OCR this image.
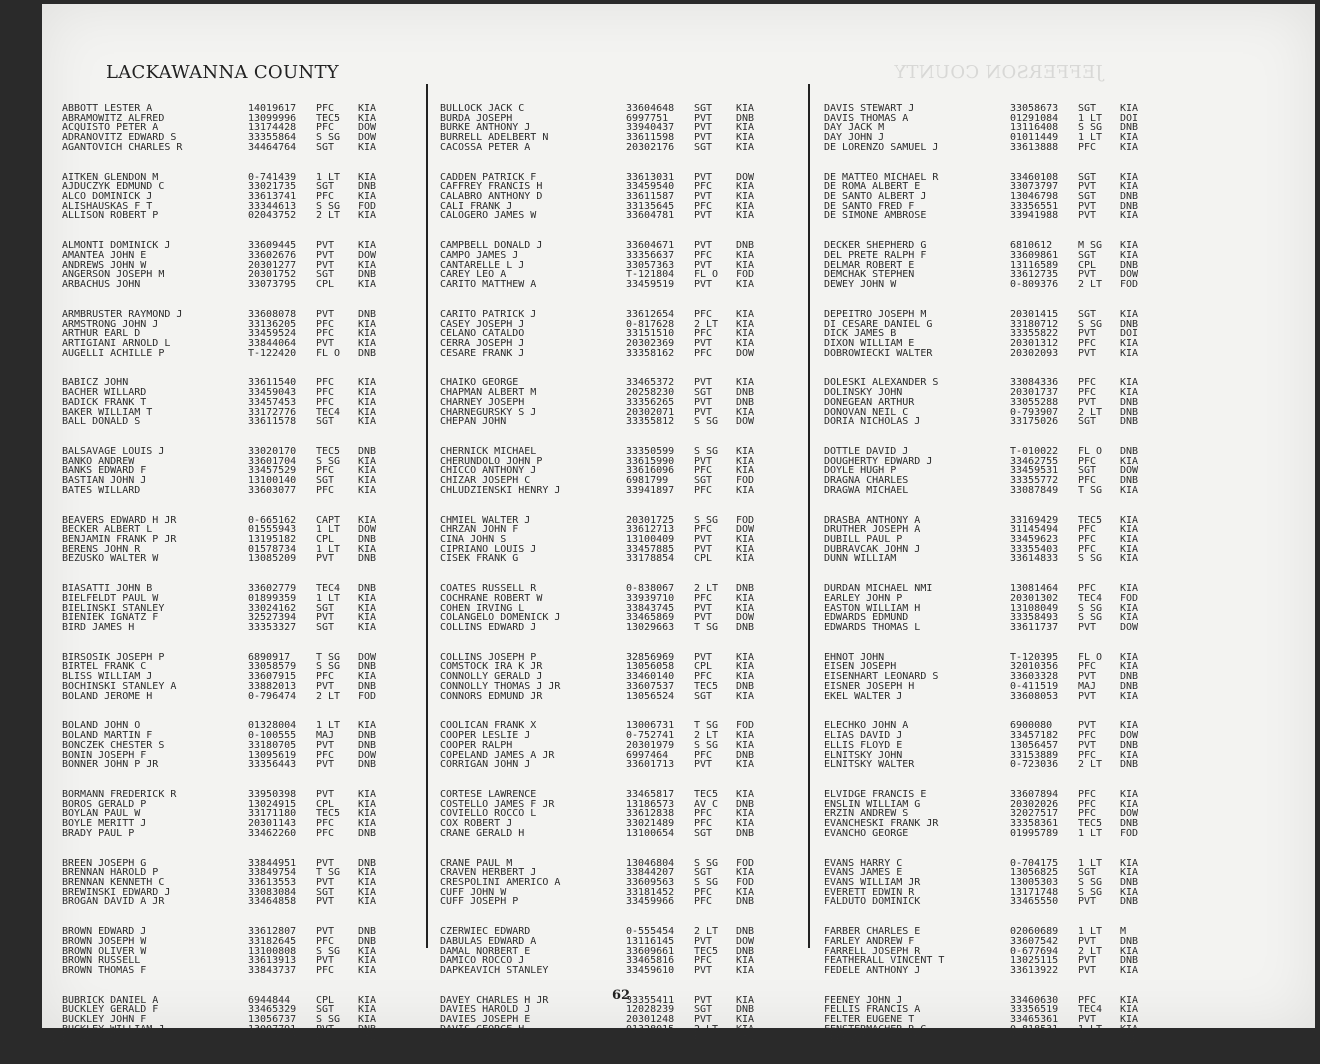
LACKAWANNA COUNTY	JEFFERSON COUNTY
ABBOTT LESTER A	14019617	PFC	KIA
ABRAMOWITZ ALFRED	13099996	TEC5	KIA
ACQUISTO PETER A	13174428	PFC	DOW
ADRANOVITZ EDWARD S	33355864	S SG	DOW
AGANTOVICH CHARLES R	34464764	SGT	KIA
AITKEN GLENDON M	0-741439	1 LT	KIA
AJDUCZYK EDMUND C	33021735	SGT	DNB
ALCO DOMINICK J	33613741	PFC	KIA
ALISHAUSKAS F T	33344613	S SG	FOD
ALLISON ROBERT P	02043752	2 LT	KIA
ALMONTI DOMINICK J	33609445	PVT	KIA
AMANTEA JOHN E	33602676	PVT	DOW
ANDREWS JOHN W	20301277	PVT	KIA
ANGERSON JOSEPH M	20301752	SGT	DNB
ARBACHUS JOHN	33073795	CPL	KIA
ARMBRUSTER RAYMOND J	33608078	PVT	DNB
ARMSTRONG JOHN J	33136205	PFC	KIA
ARTHUR EARL D	33459524	PFC	KIA
ARTIGIANI ARNOLD L	33844064	PVT	KIA
AUGELLI ACHILLE P	T-122420	FL O	DNB
BABICZ JOHN	33611540	PFC	KIA
BACHER WILLARD	33459043	PFC	KIA
BADICK FRANK T	33457453	PFC	KIA
BAKER WILLIAM T	33172776	TEC4	KIA
BALL DONALD S	33611578	SGT	KIA
BALSAVAGE LOUIS J	33020170	TEC5	DNB
BANKO ANDREW	33601704	S SG	KIA
BANKS EDWARD F	33457529	PFC	KIA
BASTIAN JOHN J	13100140	SGT	KIA
BATES WILLARD	33603077	PFC	KIA
BEAVERS EDWARD H JR	0-665162	CAPT	KIA
BECKER ALBERT L	01555943	1 LT	DOW
BENJAMIN FRANK P JR	13195182	CPL	DNB
BERENS JOHN R	01578734	1 LT	KIA
BEZUSKO WALTER W	13085209	PVT	DNB
BIASATTI JOHN B	33602779	TEC4	DNB
BIELFELDT PAUL W	01899359	1 LT	KIA
BIELINSKI STANLEY	33024162	SGT	KIA
BIENIEK IGNATZ F	32527394	PVT	KIA
BIRD JAMES H	33353327	SGT	KIA
BIRSOSIK JOSEPH P	6890917	T SG	DOW
BIRTEL FRANK C	33058579	S SG	DNB
BLISS WILLIAM J	33607915	PFC	KIA
BOCHINSKI STANLEY A	33882013	PVT	DNB
BOLAND JEROME H	0-796474	2 LT	FOD
BOLAND JOHN O	01328004	1 LT	KIA
BOLAND MARTIN F	0-100555	MAJ	DNB
BONCZEK CHESTER S	33180705	PVT	DNB
BONIN JOSEPH F	13095619	PFC	DOW
BONNER JOHN P JR	33356443	PVT	DNB
BORMANN FREDERICK R	33950398	PVT	KIA
BOROS GERALD P	13024915	CPL	KIA
BOYLAN PAUL W	33171180	TEC5	KIA
BOYLE MERITT J	20301143	PFC	KIA
BRADY PAUL P	33462260	PFC	DNB
BREEN JOSEPH G	33844951	PVT	DNB
BRENNAN HAROLD P	33849754	T SG	KIA
BRENNAN KENNETH C	33613553	PVT	KIA
BREWINSKI EDWARD J	33083084	SGT	KIA
BROGAN DAVID A JR	33464858	PVT	KIA
BROWN EDWARD J	33612807	PVT	DNB
BROWN JOSEPH W	33182645	PFC	DNB
BROWN OLIVER W	13100808	S SG	KIA
BROWN RUSSELL	33613913	PVT	KIA
BROWN THOMAS F	33843737	PFC	KIA
BUBRICK DANIEL A	6944844	CPL	KIA
BUCKLEY GERALD F	33465329	SGT	KIA
BUCKLEY JOHN F	13056737	S SG	KIA
BUCKLEY WILLIAM J	13007791	PVT	DNB
BUFANO ANGELO G	33457587	PFC	KIA
BULLOCK JACK C	33604648	SGT	KIA
BURDA JOSEPH	6997751	PVT	DNB
BURKE ANTHONY J	33940437	PVT	KIA
BURRELL ADELBERT N	33611598	PVT	KIA
CACOSSA PETER A	20302176	SGT	KIA
CADDEN PATRICK F	33613031	PVT	DOW
CAFFREY FRANCIS H	33459540	PFC	KIA
CALABRO ANTHONY D	33611587	PVT	KIA
CALI FRANK J	33135645	PFC	KIA
CALOGERO JAMES W	33604781	PVT	KIA
CAMPBELL DONALD J	33604671	PVT	DNB
CAMPO JAMES J	33356637	PFC	KIA
CANTARELLE L J	33057363	PVT	KIA
CAREY LEO A	T-121804	FL O	FOD
CARITO MATTHEW A	33459519	PVT	KIA
CARITO PATRICK J	33612654	PFC	KIA
CASEY JOSEPH J	0-817628	2 LT	KIA
CELANO CATALDO	33151510	PFC	KIA
CERRA JOSEPH J	20302369	PVT	KIA
CESARE FRANK J	33358162	PFC	DOW
CHAIKO GEORGE	33465372	PVT	KIA
CHAPMAN ALBERT M	20258230	SGT	DNB
CHARNEY JOSEPH	33356265	PVT	DNB
CHARNEGURSKY S J	20302071	PVT	KIA
CHEPAN JOHN	33355812	S SG	DOW
CHERNICK MICHAEL	33350599	S SG	KIA
CHERUNDOLO JOHN P	33615990	PVT	KIA
CHICCO ANTHONY J	33616096	PFC	KIA
CHIZAR JOSEPH C	6981799	SGT	FOD
CHLUDZIENSKI HENRY J	33941897	PFC	KIA
CHMIEL WALTER J	20301725	S SG	FOD
CHRZAN JOHN F	33612713	PFC	DOW
CINA JOHN S	13100409	PVT	KIA
CIPRIANO LOUIS J	33457885	PVT	KIA
CISEK FRANK G	33178854	CPL	KIA
COATES RUSSELL R	0-838067	2 LT	DNB
COCHRANE ROBERT W	33939710	PFC	KIA
COHEN IRVING L	33843745	PVT	KIA
COLANGELO DOMENICK J	33465869	PVT	DOW
COLLINS EDWARD J	13029663	T SG	DNB
COLLINS JOSEPH P	32856969	PVT	KIA
COMSTOCK IRA K JR	13056058	CPL	KIA
CONNOLLY GERALD J	33460140	PFC	KIA
CONNOLLY THOMAS J JR	33607537	TEC5	DNB
CONNORS EDMUND JR	13056524	SGT	KIA
COOLICAN FRANK X	13006731	T SG	FOD
COOPER LESLIE J	0-752741	2 LT	KIA
COOPER RALPH	20301979	S SG	KIA
COPELAND JAMES A JR	6997464	PFC	DNB
CORRIGAN JOHN J	33601713	PVT	KIA
CORTESE LAWRENCE	33465817	TEC5	KIA
COSTELLO JAMES F JR	13186573	AV C	DNB
COVIELLO ROCCO L	33612838	PFC	KIA
COX ROBERT J	33021489	PFC	KIA
CRANE GERALD H	13100654	SGT	DNB
CRANE PAUL M	13046804	S SG	FOD
CRAVEN HERBERT J	33844207	SGT	KIA
CRESPOLINI AMERICO A	33609563	S SG	FOD
CUFF JOHN W	33181452	PFC	KIA
CUFF JOSEPH P	33459966	PFC	DNB
CZERWIEC EDWARD	0-555454	2 LT	DNB
DABULAS EDWARD A	13116145	PVT	DOW
DAMAL NORBERT E	33609661	TEC5	DNB
DAMICO ROCCO J	33465816	PFC	KIA
DAPKEAVICH STANLEY	33459610	PVT	KIA
DAVEY CHARLES H JR	33355411	PVT	KIA
DAVIES HAROLD J	12028239	SGT	DNB
DAVIES JOSEPH E	20301248	PVT	KIA
DAVIS GEORGE H	01328015	2 LT	KIA
DAVIS HAROLD T	33465593	PFC	KIA
DAVIS STEWART J	33058673	SGT	KIA
DAVIS THOMAS A	01291084	1 LT	DOI
DAY JACK M	13116408	S SG	DNB
DAY JOHN J	01011449	1 LT	KIA
DE LORENZO SAMUEL J	33613888	PFC	KIA
DE MATTEO MICHAEL R	33460108	SGT	KIA
DE ROMA ALBERT E	33073797	PVT	KIA
DE SANTO ALBERT J	13046798	SGT	DNB
DE SANTO FRED F	33356551	PVT	DNB
DE SIMONE AMBROSE	33941988	PVT	KIA
DECKER SHEPHERD G	6810612	M SG	KIA
DEL PRETE RALPH F	33609861	SGT	KIA
DELMAR ROBERT E	13116589	CPL	DNB
DEMCHAK STEPHEN	33612735	PVT	DOW
DEWEY JOHN W	0-809376	2 LT	FOD
DEPEITRO JOSEPH M	20301415	SGT	KIA
DI CESARE DANIEL G	33180712	S SG	DNB
DICK JAMES B	33355822	PVT	DOI
DIXON WILLIAM E	20301312	PFC	KIA
DOBROWIECKI WALTER	20302093	PVT	KIA
DOLESKI ALEXANDER S	33084336	PFC	KIA
DOLINSKY JOHN	20301737	PFC	KIA
DONEGEAN ARTHUR	33055288	PVT	DNB
DONOVAN NEIL C	0-793907	2 LT	DNB
DORIA NICHOLAS J	33175026	SGT	DNB
DOTTLE DAVID J	T-010022	FL O	DNB
DOUGHERTY EDWARD J	33462755	PFC	KIA
DOYLE HUGH P	33459531	SGT	DOW
DRAGNA CHARLES	33355772	PFC	DNB
DRAGWA MICHAEL	33087849	T SG	KIA
DRASBA ANTHONY A	33169429	TEC5	KIA
DRUTHER JOSEPH A	31145494	PFC	KIA
DUBILL PAUL P	33459623	PFC	KIA
DUBRAVCAK JOHN J	33355403	PFC	KIA
DUNN WILLIAM	33614833	S SG	KIA
DURDAN MICHAEL NMI	13081464	PFC	KIA
EARLEY JOHN P	20301302	TEC4	FOD
EASTON WILLIAM H	13108049	S SG	KIA
EDWARDS EDMUND	33358493	S SG	KIA
EDWARDS THOMAS L	33611737	PVT	DOW
EHNOT JOHN	T-120395	FL O	KIA
EISEN JOSEPH	32010356	PFC	KIA
EISENHART LEONARD S	33603328	PVT	DNB
EISNER JOSEPH H	0-411519	MAJ	DNB
EKEL WALTER J	33608053	PVT	KIA
ELECHKO JOHN A	6900080	PVT	KIA
ELIAS DAVID J	33457182	PFC	DOW
ELLIS FLOYD E	13056457	PVT	DNB
ELNITSKY JOHN	33153889	PFC	KIA
ELNITSKY WALTER	0-723036	2 LT	DNB
ELVIDGE FRANCIS E	33607894	PFC	KIA
ENSLIN WILLIAM G	20302026	PFC	KIA
ERZIN ANDREW S	32027517	PFC	DOW
EVANCHESKI FRANK JR	33358361	TEC5	DNB
EVANCHO GEORGE	01995789	1 LT	FOD
EVANS HARRY C	0-704175	1 LT	KIA
EVANS JAMES E	13056825	SGT	KIA
EVANS WILLIAM JR	13005303	S SG	DNB
EVERETT EDWIN R	13171748	S SG	KIA
FALDUTO DOMINICK	33465550	PVT	DNB
FARBER CHARLES E	02060689	1 LT	M
FARLEY ANDREW F	33607542	PVT	DNB
FARRELL JOSEPH R	0-677694	2 LT	KIA
FEATHERALL VINCENT T	13025115	PVT	DNB
FEDELE ANTHONY J	33613922	PVT	KIA
FEENEY JOHN J	33460630	PFC	KIA
FELLIS FRANCIS A	33356519	TEC4	KIA
FELTER EUGENE T	33465361	PVT	KIA
FENSTERMACHER R G	0-818531	1 LT	KIA
FERRANTE JAMES D	T-186430	FL O	DNB
62
